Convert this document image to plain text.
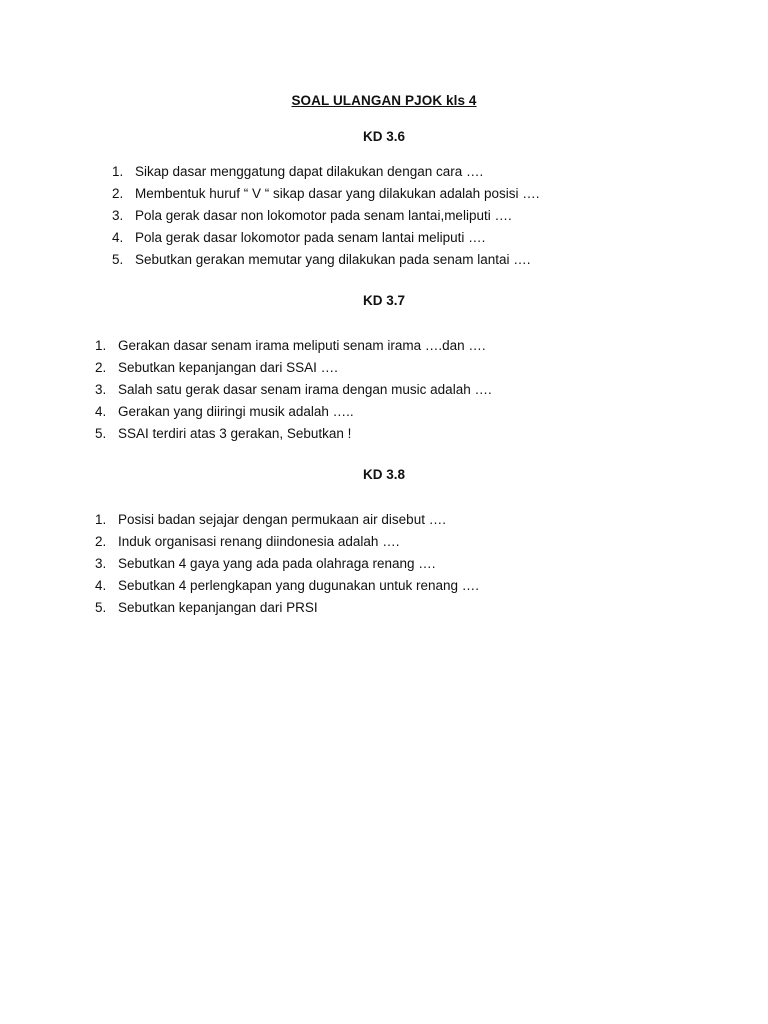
SOAL ULANGAN PJOK kls 4
KD 3.6
1. Sikap dasar menggatung dapat dilakukan dengan cara ….
2. Membentuk huruf “ V “ sikap dasar yang dilakukan adalah posisi ….
3. Pola gerak dasar non lokomotor pada senam lantai,meliputi ….
4. Pola gerak dasar lokomotor pada senam lantai meliputi ….
5. Sebutkan gerakan memutar yang dilakukan pada senam lantai ….
KD 3.7
1. Gerakan dasar senam irama meliputi senam irama ….dan ….
2. Sebutkan kepanjangan dari SSAI ….
3. Salah satu gerak dasar senam irama dengan music adalah ….
4. Gerakan yang diiringi musik adalah …..
5. SSAI terdiri atas 3 gerakan, Sebutkan !
KD 3.8
1. Posisi badan sejajar dengan permukaan air disebut ….
2. Induk organisasi renang diindonesia adalah ….
3. Sebutkan 4 gaya yang ada pada olahraga renang ….
4. Sebutkan 4 perlengkapan yang dugunakan untuk renang ….
5. Sebutkan kepanjangan dari PRSI
